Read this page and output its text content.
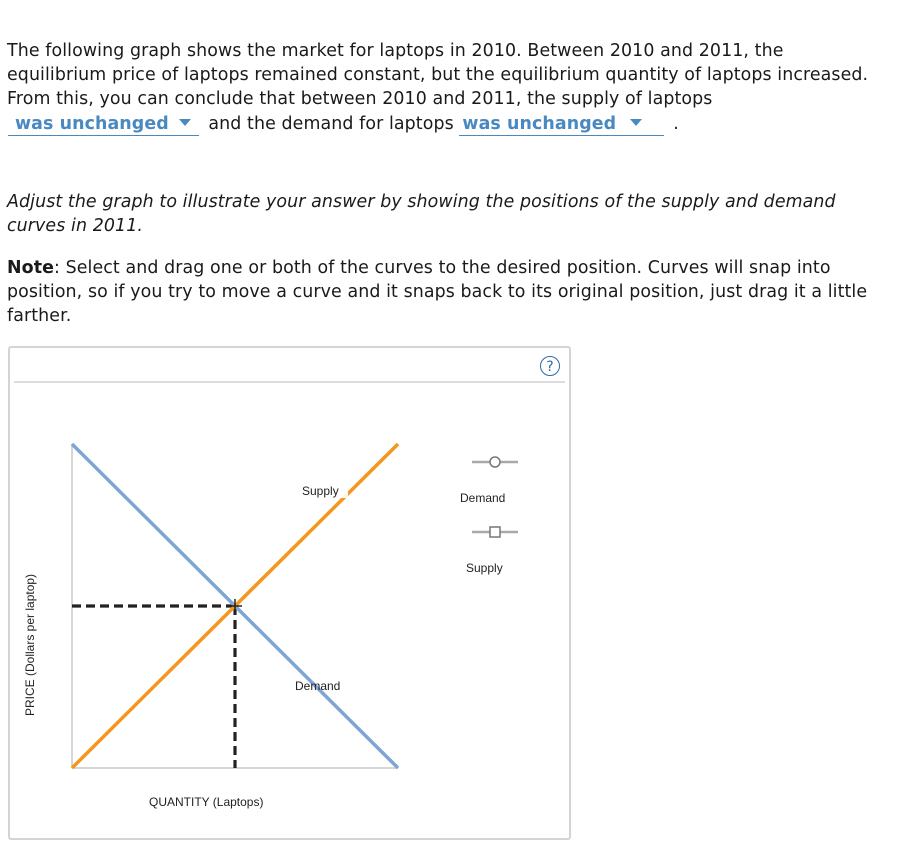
The following graph shows the market for laptops in 2010. Between 2010 and 2011, the

equilibrium price of laptops remained constant, but the equilibrium quantity of laptops increased.

From this, you can conclude that between 2010 and 2011, the supply of laptops

was unchanged and the demand for laptops was unchanged	.

Adjust the graph to illustrate your answer by showing the positions of the supply and demand

curves in 2011.

Note: Select and drag one or both of the curves to the desired position. Curves will snap into

position, so if you try to move a curve and it snaps back to its original position, just drag it a little

farther.

?
Supply
Demand
QUANTITY (Laptops)
PRICE (Dollars per laptop)
Demand
Supply
